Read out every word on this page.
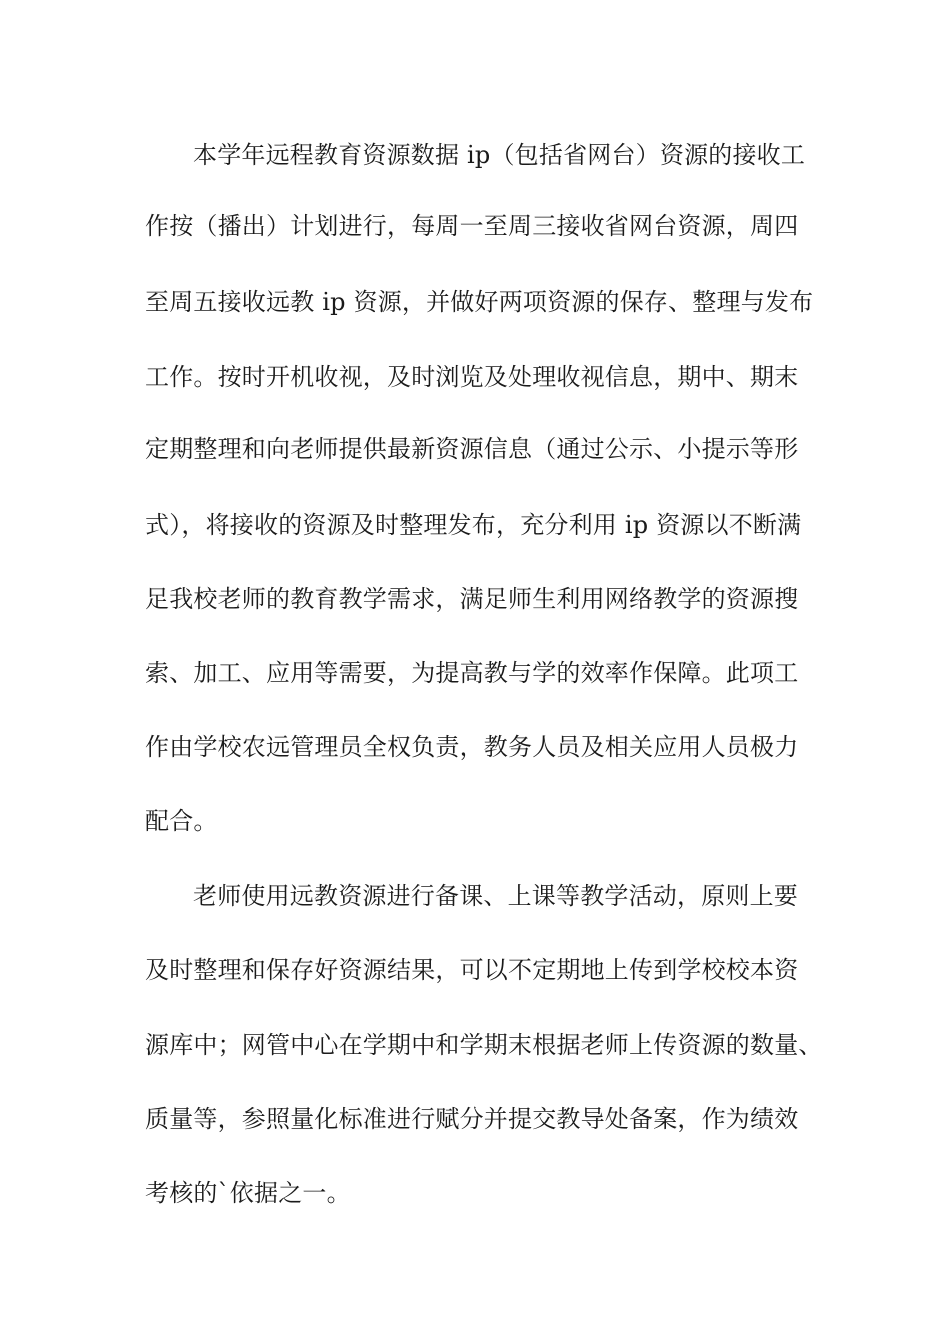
本学年远程教育资源数据 ip（包括省网台）资源的接收工
作按（播出）计划进行，每周一至周三接收省网台资源，周四
至周五接收远教 ip 资源，并做好两项资源的保存、整理与发布
工作。按时开机收视，及时浏览及处理收视信息，期中、期末
定期整理和向老师提供最新资源信息（通过公示、小提示等形
式），将接收的资源及时整理发布，充分利用 ip 资源以不断满
足我校老师的教育教学需求，满足师生利用网络教学的资源搜
索、加工、应用等需要，为提高教与学的效率作保障。此项工
作由学校农远管理员全权负责，教务人员及相关应用人员极力
配合。
老师使用远教资源进行备课、上课等教学活动，原则上要
及时整理和保存好资源结果，可以不定期地上传到学校校本资
源库中；网管中心在学期中和学期末根据老师上传资源的数量、
质量等，参照量化标准进行赋分并提交教导处备案，作为绩效
考核的`依据之一。
